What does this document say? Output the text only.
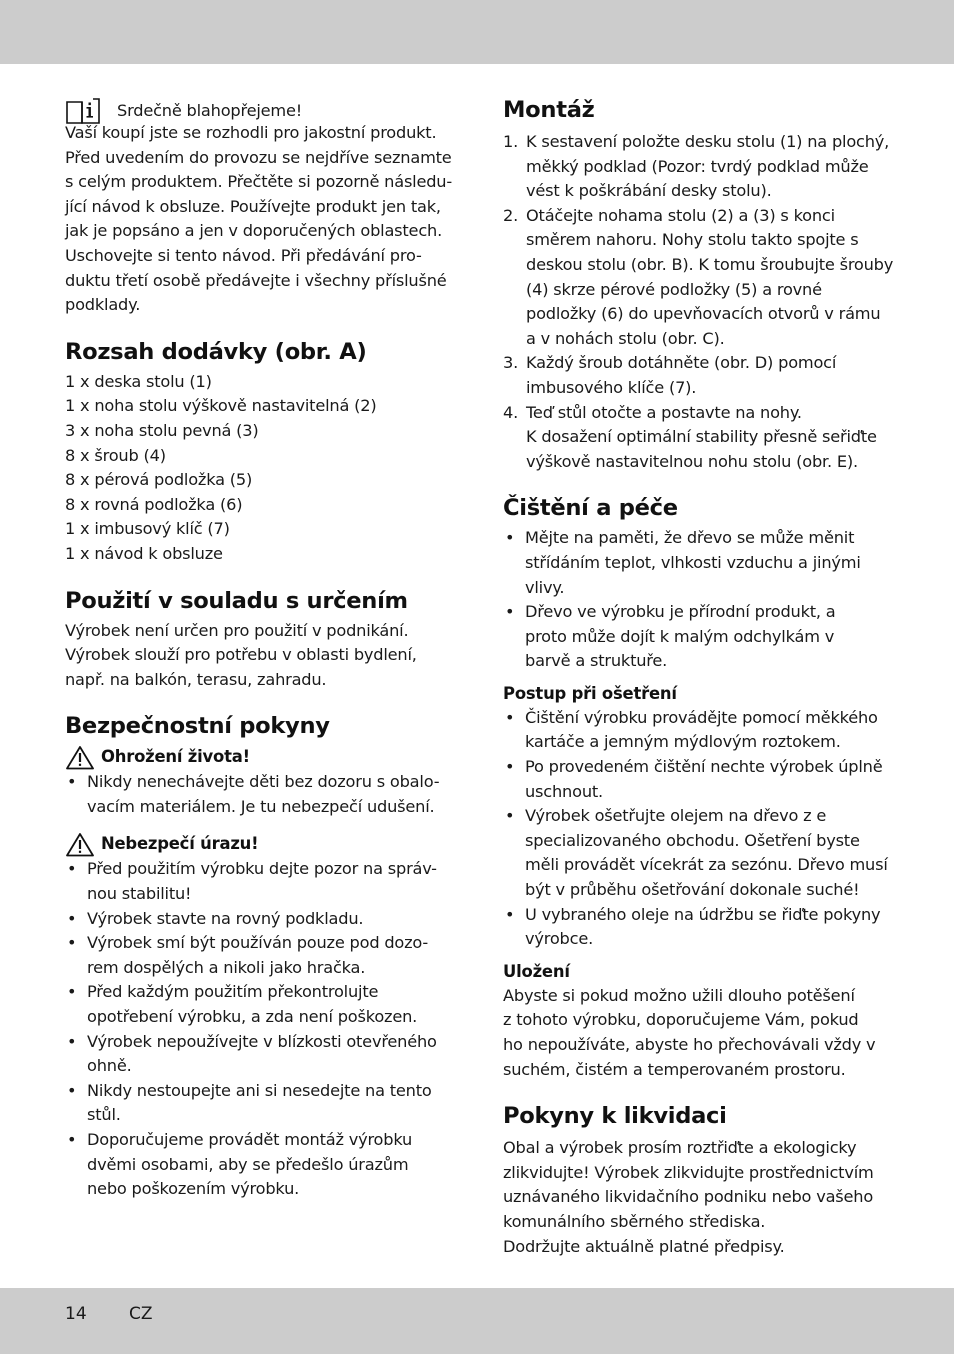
Srdečně blahopřejeme!
Vaší koupí jste se rozhodli pro jakostní produkt.
Před uvedením do provozu se nejdříve seznamte
s celým produktem. Přečtěte si pozorně následu-
jící návod k obsluze. Používejte produkt jen tak,
jak je popsáno a jen v doporučených oblastech.
Uschovejte si tento návod. Při předávání pro-
duktu třetí osobě předávejte i všechny příslušné
podklady.
Rozsah dodávky (obr. A)
1 x deska stolu (1)
1 x noha stolu výškově nastavitelná (2)
3 x noha stolu pevná (3)
8 x šroub (4)
8 x pérová podložka (5)
8 x rovná podložka (6)
1 x imbusový klíč (7)
1 x návod k obsluze
Použití v souladu s určením
Výrobek není určen pro použití v podnikání.
Výrobek slouží pro potřebu v oblasti bydlení,
např. na balkón, terasu, zahradu.
Bezpečnostní pokyny
Ohrožení života!
• Nikdy nenechávejte děti bez dozoru s obalo-
vacím materiálem. Je tu nebezpečí udušení.
Nebezpečí úrazu!
• Před použitím výrobku dejte pozor na správ-
nou stabilitu!
• Výrobek stavte na rovný podkladu.
• Výrobek smí být používán pouze pod dozo-
rem dospělých a nikoli jako hračka.
• Před každým použitím překontrolujte
opotřebení výrobku, a zda není poškozen.
• Výrobek nepoužívejte v blízkosti otevřeného
ohně.
• Nikdy nestoupejte ani si nesedejte na tento
stůl.
• Doporučujeme provádět montáž výrobku
dvěmi osobami, aby se předešlo úrazům
nebo poškozením výrobku.
Montáž
1. K sestavení položte desku stolu (1) na plochý,
měkký podklad (Pozor: tvrdý podklad může
vést k poškrábání desky stolu).
2. Otáčejte nohama stolu (2) a (3) s konci
směrem nahoru. Nohy stolu takto spojte s
deskou stolu (obr. B). K tomu šroubujte šrouby
(4) skrze pérové podložky (5) a rovné
podložky (6) do upevňovacích otvorů v rámu
a v nohách stolu (obr. C).
3. Každý šroub dotáhněte (obr. D) pomocí
imbusového klíče (7).
4. Teď stůl otočte a postavte na nohy.
K dosažení optimální stability přesně seřiďte
výškově nastavitelnou nohu stolu (obr. E).
Čištění a péče
• Mějte na paměti, že dřevo se může měnit
střídáním teplot, vlhkosti vzduchu a jinými
vlivy.
• Dřevo ve výrobku je přírodní produkt, a
proto může dojít k malým odchylkám v
barvě a struktuře.
Postup při ošetření
• Čištění výrobku provádějte pomocí měkkého
kartáče a jemným mýdlovým roztokem.
• Po provedeném čištění nechte výrobek úplně
uschnout.
• Výrobek ošetřujte olejem na dřevo z e
specializovaného obchodu. Ošetření byste
měli provádět vícekrát za sezónu. Dřevo musí
být v průběhu ošetřování dokonale suché!
• U vybraného oleje na údržbu se řiďte pokyny
výrobce.
Uložení
Abyste si pokud možno užili dlouho potěšení
z tohoto výrobku, doporučujeme Vám, pokud
ho nepoužíváte, abyste ho přechovávali vždy v
suchém, čistém a temperovaném prostoru.
Pokyny k likvidaci
Obal a výrobek prosím roztřiďte a ekologicky
zlikvidujte! Výrobek zlikvidujte prostřednictvím
uznávaného likvidačního podniku nebo vašeho
komunálního sběrného střediska.
Dodržujte aktuálně platné předpisy.
14 CZ
